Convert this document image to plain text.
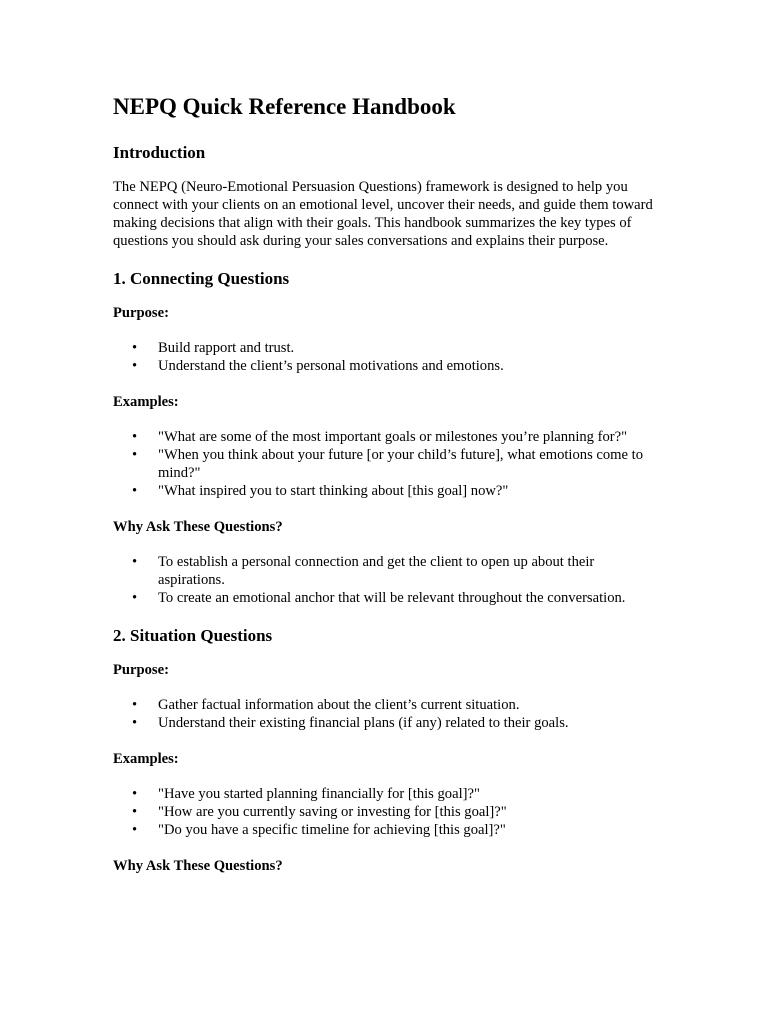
NEPQ Quick Reference Handbook
Introduction

The NEPQ (Neuro-Emotional Persuasion Questions) framework is designed to help you connect with your clients on an emotional level, uncover their needs, and guide them toward making decisions that align with their goals. This handbook summarizes the key types of questions you should ask during your sales conversations and explains their purpose.

1. Connecting Questions
Purpose:
• Build rapport and trust.
• Understand the client’s personal motivations and emotions.
Examples:
• "What are some of the most important goals or milestones you’re planning for?"
• "When you think about your future [or your child’s future], what emotions come to mind?"
• "What inspired you to start thinking about [this goal] now?"
Why Ask These Questions?
• To establish a personal connection and get the client to open up about their aspirations.
• To create an emotional anchor that will be relevant throughout the conversation.
2. Situation Questions
Purpose:
• Gather factual information about the client’s current situation.
• Understand their existing financial plans (if any) related to their goals.
Examples:
• "Have you started planning financially for [this goal]?"
• "How are you currently saving or investing for [this goal]?"
• "Do you have a specific timeline for achieving [this goal]?"
Why Ask These Questions?
